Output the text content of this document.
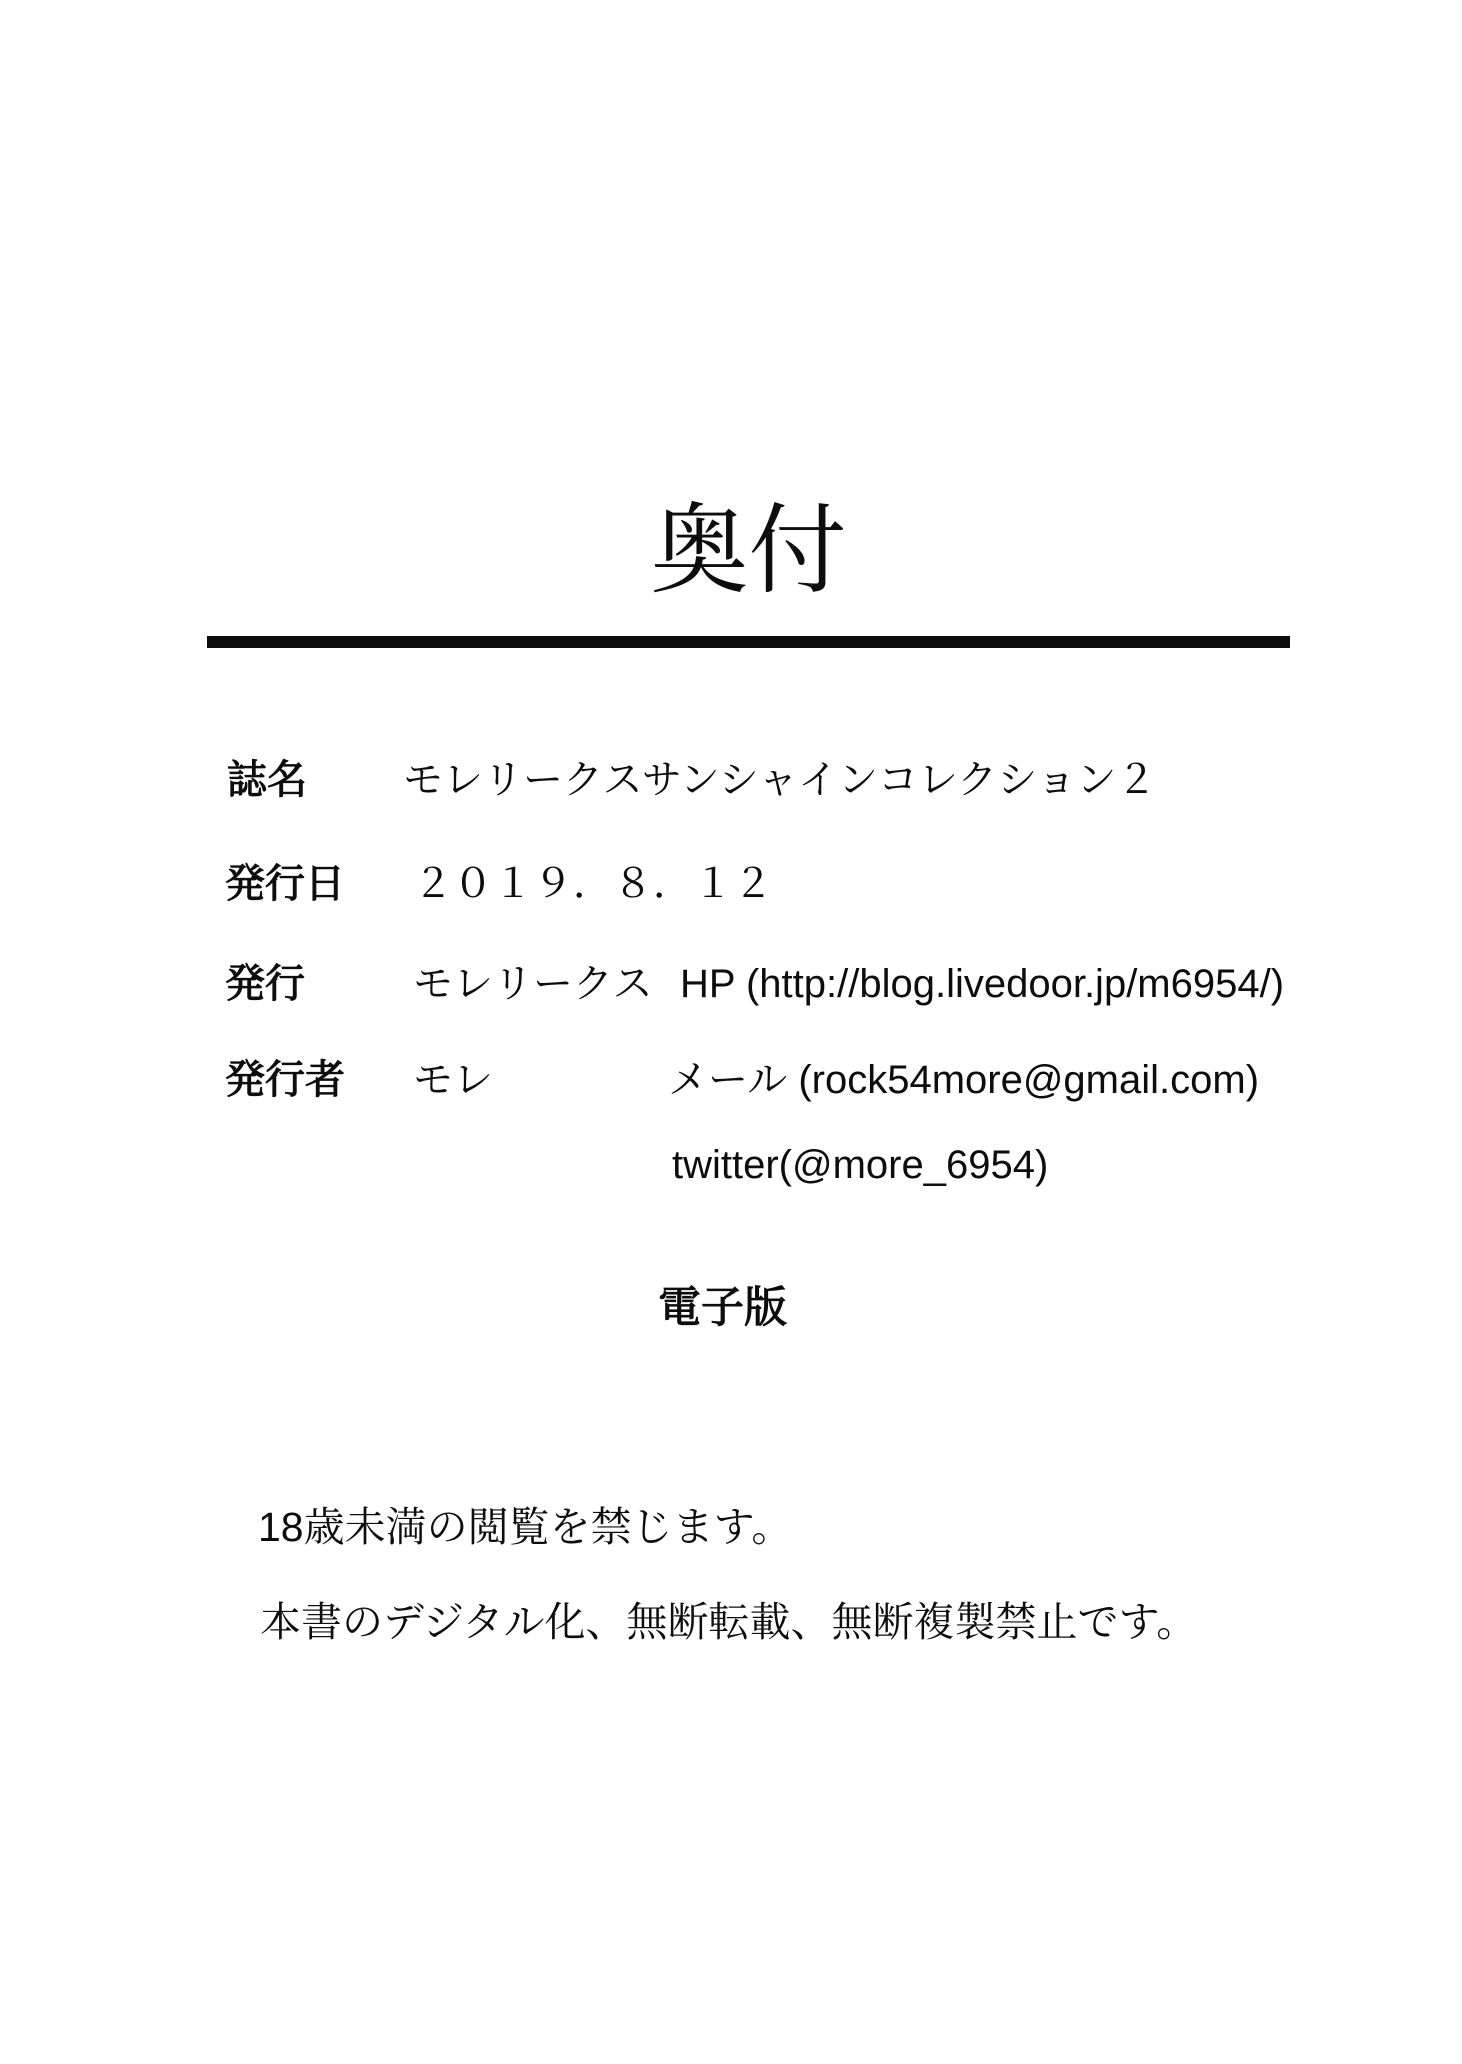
奥付
誌名 モレリークスサンシャインコレクション２
発行日 ２０１９．８．１２
発行	モレリークス HP (http://blog.livedoor.jp/m6954/)
発行者 モレ	メール (rock54more@gmail.com)
twitter(@more_6954)
電子版
18歳未満の閲覧を禁じます。
本書のデジタル化、無断転載、無断複製禁止です。
